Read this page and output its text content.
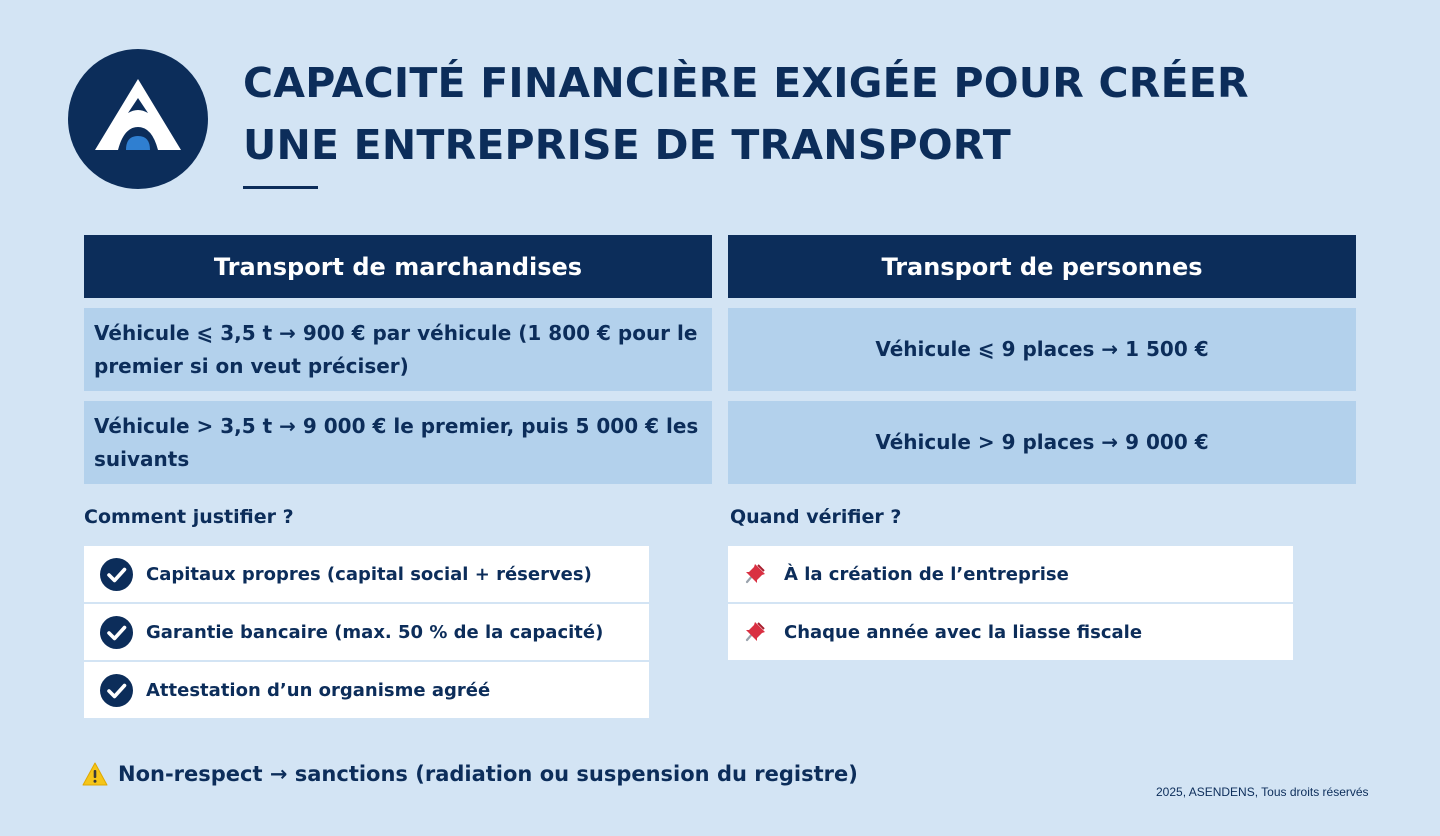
CAPACITÉ FINANCIÈRE EXIGÉE POUR CRÉER
UNE ENTREPRISE DE TRANSPORT
Transport de marchandises
Véhicule ⩽ 3,5 t → 900 € par véhicule (1 800 € pour le premier si on veut préciser)
Véhicule > 3,5 t → 9 000 € le premier, puis 5 000 € les suivants
Transport de personnes
Véhicule ⩽ 9 places → 1 500 €
Véhicule > 9 places → 9 000 €
Comment justifier ?
Capitaux propres (capital social + réserves)
Garantie bancaire (max. 50 % de la capacité)
Attestation d’un organisme agréé
Quand vérifier ?
À la création de l’entreprise
Chaque année avec la liasse fiscale
Non-respect → sanctions (radiation ou suspension du registre)
2025, ASENDENS, Tous droits réservés
